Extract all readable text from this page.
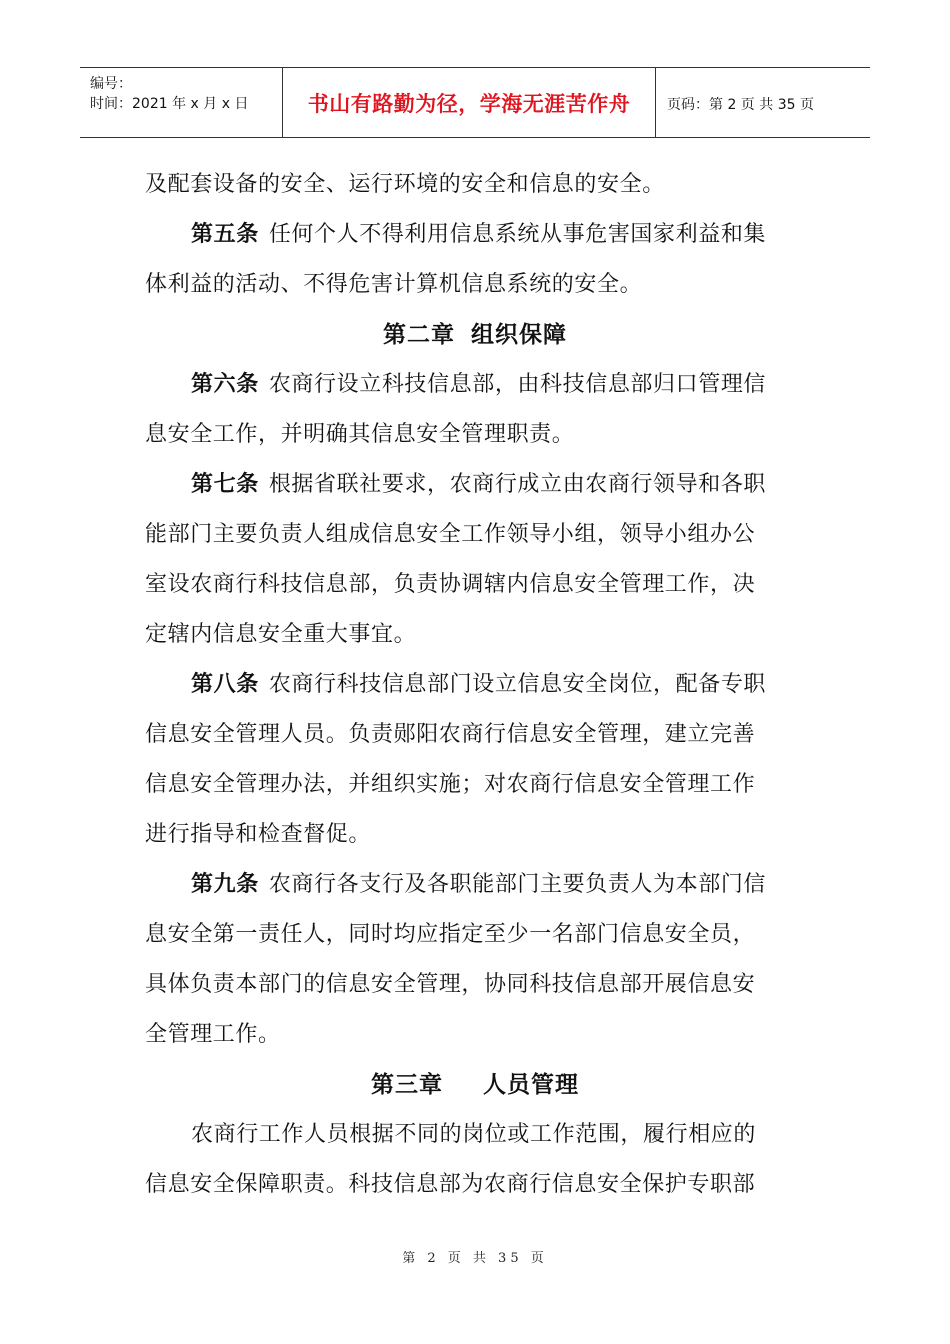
编号：
时间：2021 年 x 月 x 日	书山有路勤为径，学海无涯苦作舟	页码：第 2 页 共 35 页
及配套设备的安全、运行环境的安全和信息的安全。
第五条 任何个人不得利用信息系统从事危害国家利益和集
体利益的活动、不得危害计算机信息系统的安全。
第二章 组织保障
第六条 农商行设立科技信息部，由科技信息部归口管理信
息安全工作，并明确其信息安全管理职责。
第七条 根据省联社要求，农商行成立由农商行领导和各职
能部门主要负责人组成信息安全工作领导小组，领导小组办公
室设农商行科技信息部，负责协调辖内信息安全管理工作，决
定辖内信息安全重大事宜。
第八条 农商行科技信息部门设立信息安全岗位，配备专职
信息安全管理人员。负责郧阳农商行信息安全管理，建立完善
信息安全管理办法，并组织实施；对农商行信息安全管理工作
进行指导和检查督促。
第九条 农商行各支行及各职能部门主要负责人为本部门信
息安全第一责任人，同时均应指定至少一名部门信息安全员，
具体负责本部门的信息安全管理，协同科技信息部开展信息安
全管理工作。
第三章 人员管理
农商行工作人员根据不同的岗位或工作范围，履行相应的
信息安全保障职责。科技信息部为农商行信息安全保护专职部
第 2 页 共 35 页
